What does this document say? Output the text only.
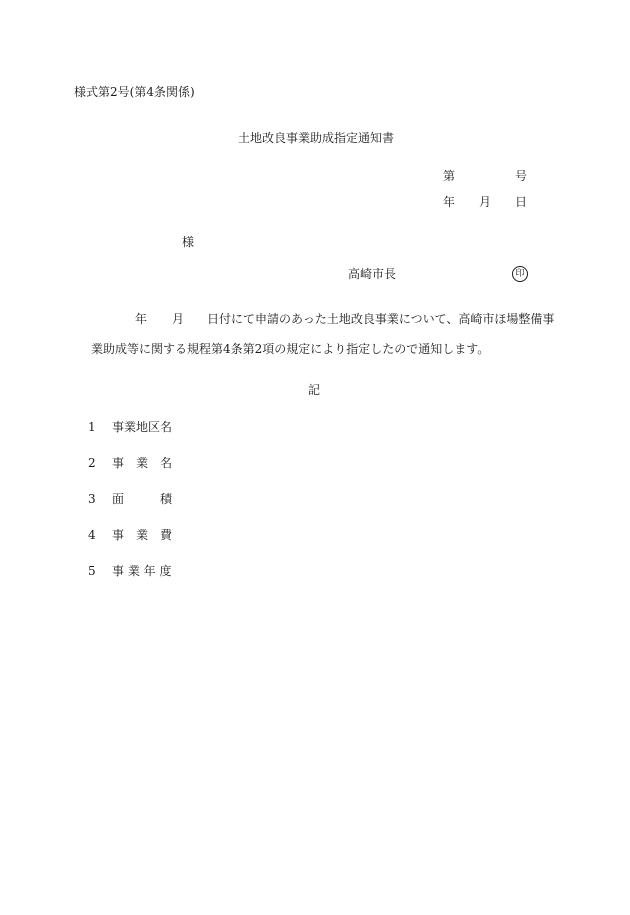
様式第2号(第4条関係)
土地改良事業助成指定通知書
第	号
年 月 日
様
高崎市長	印
年 月 日付にて申請のあった土地改良事業について、高崎市ほ場整備事
業助成等に関する規程第4条第2項の規定により指定したので通知します。
記
1 事業地区名
2 事　業　名
3 面　　　積
4 事　業　費
5 事 業 年 度
